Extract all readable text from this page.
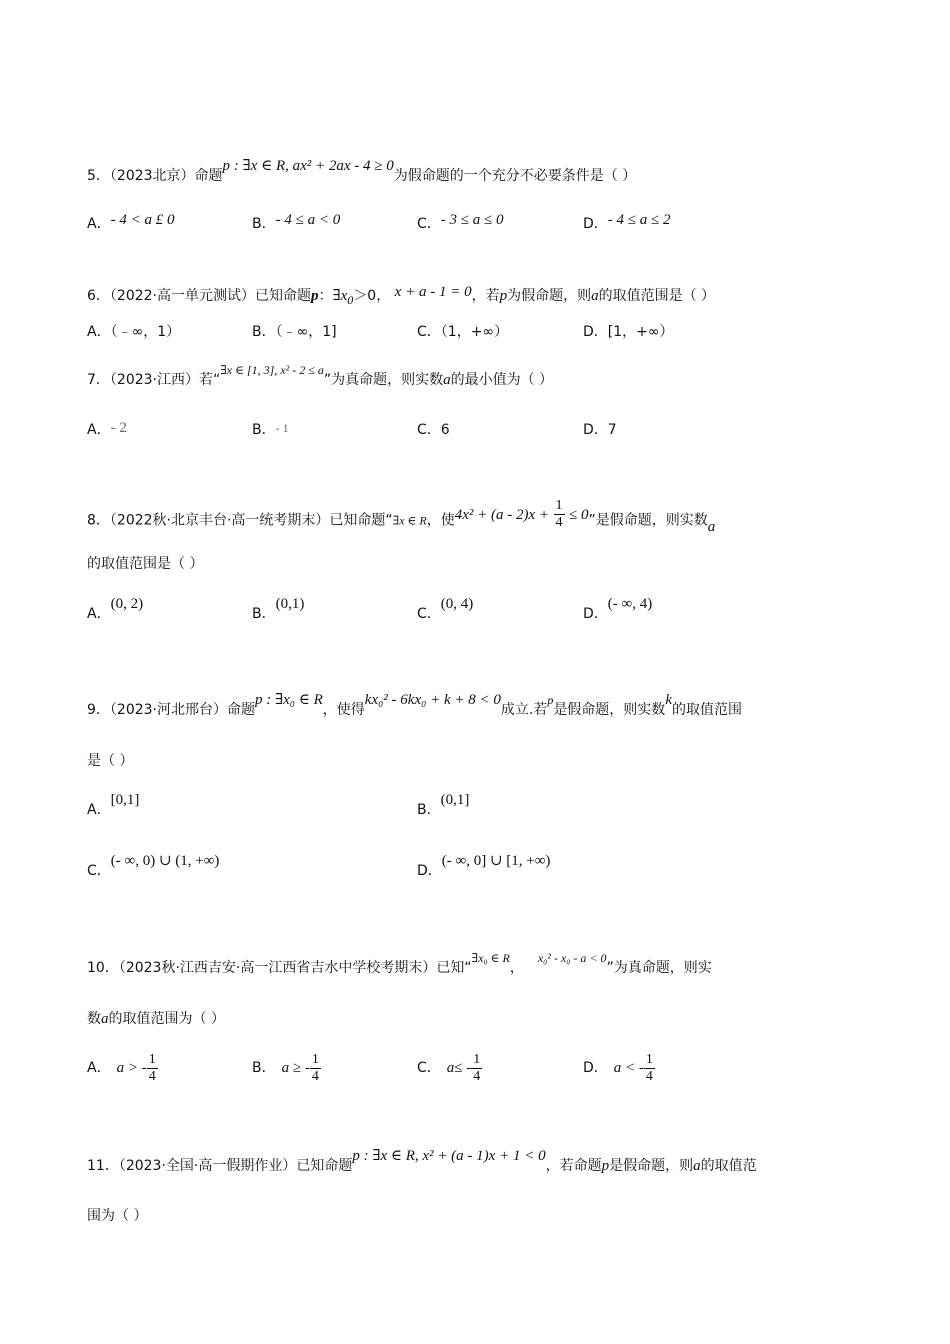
5．（2023北京）命题p : ∃x ∈ R, ax² + 2ax - 4 ≥ 0为假命题的一个充分不必要条件是（ ）
A．- 4 < a £ 0	B．- 4 ≤ a < 0	C．- 3 ≤ a ≤ 0	D．- 4 ≤ a ≤ 2
6．（2022·高一单元测试）已知命题p：$\exists x_0>0$， x + a - 1 = 0，若p为假命题，则a的取值范围是（ ）
A．（﹣∞，1）	B．（﹣∞，1]	C．（1，+∞）	D．[1，+∞）
7．（2023·江西）若“∃x ∈ [1, 3], x² - 2 ≤ a”为真命题，则实数a的最小值为（ ）
A．- 2	B．- 1	C．6	D．7
8．（2022秋·北京丰台·高一统考期末）已知命题“∃x ∈ R，使$4x^2 + (a - 2)x + \frac{1}{4} \le 0$”是假命题，则实数a
的取值范围是（ ）
A．(0, 2)
B．(0,1)
C．(0, 4)
D．(- ∞, 4)
9．（2023·河北邢台）命题p : ∃x₀ ∈ R，使得kx₀² - 6kx₀ + k + 8 < 0成立.若p是假命题，则实数k的取值范围
是（ ）
A．[0,1]
B．(0,1]
C．(- ∞, 0) ∪ (1, +∞)
D．(- ∞, 0] ∪ [1, +∞)
10．（2023秋·江西吉安·高一江西省吉水中学校考期末）已知“∃x₀ ∈ R，x₀² - x₀ - a < 0”为真命题，则实
数a的取值范围为（ ）
A． a > - $\frac{1}{4}$	B． a ≥ - $\frac{1}{4}$	C． $a\le - \frac{1}{4}$	D． a < - $\frac{1}{4}$
11．（2023·全国·高一假期作业）已知命题p : ∃x ∈ R, x² + (a - 1)x + 1 < 0，若命题p是假命题，则a的取值范
围为（ ）
